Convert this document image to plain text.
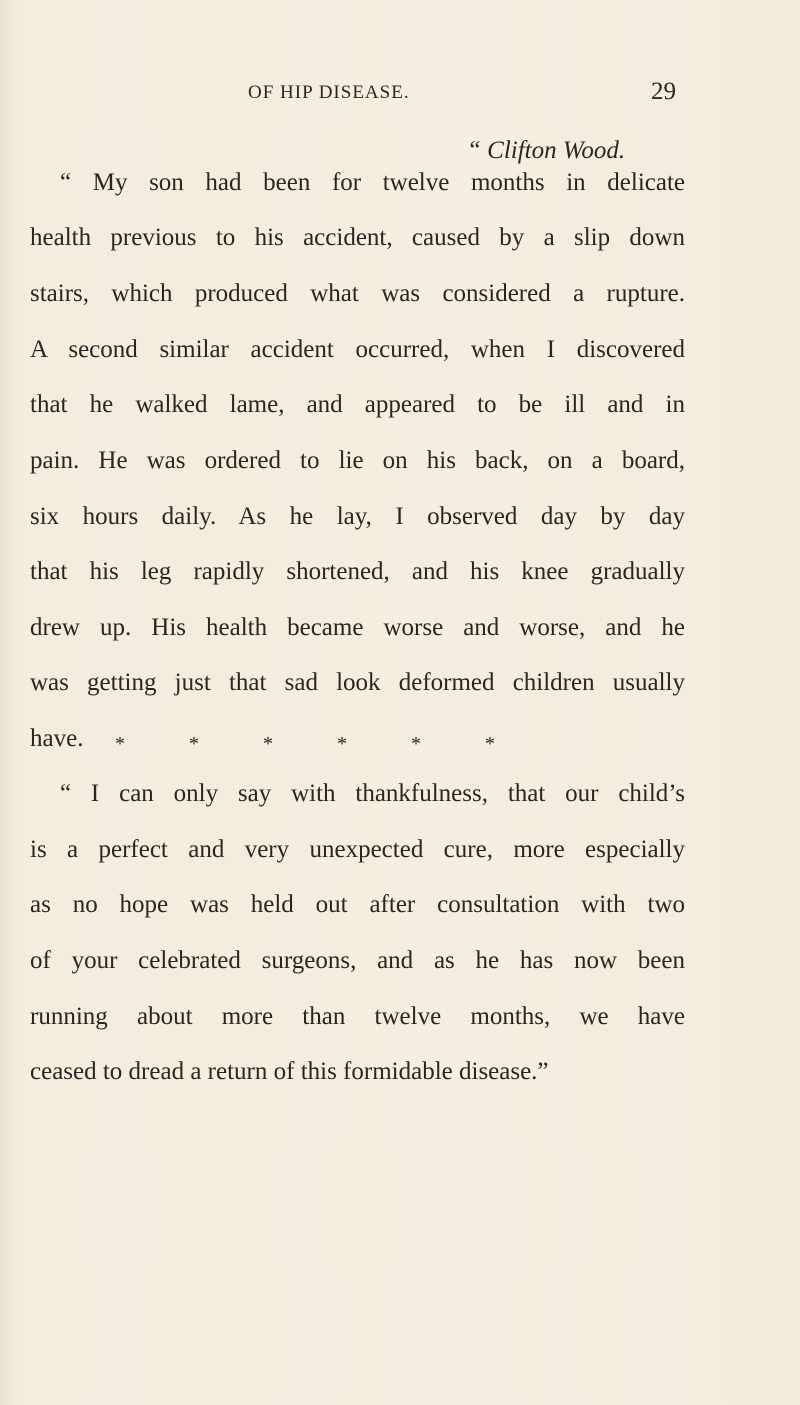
OF HIP DISEASE.	29
“ Clifton Wood.
“ My son had been for twelve months in delicate
health previous to his accident, caused by a slip down
stairs, which produced what was considered a rupture.
A second similar accident occurred, when I discovered
that he walked lame, and appeared to be ill and in
pain. He was ordered to lie on his back, on a board,
six hours daily. As he lay, I observed day by day
that his leg rapidly shortened, and his knee gradually
drew up. His health became worse and worse, and he
was getting just that sad look deformed children usually
have.	*	*	*	*	*	*
“ I can only say with thankfulness, that our child’s
is a perfect and very unexpected cure, more especially
as no hope was held out after consultation with two
of your celebrated surgeons, and as he has now been
running about more than twelve months, we have
ceased to dread a return of this formidable disease.”
